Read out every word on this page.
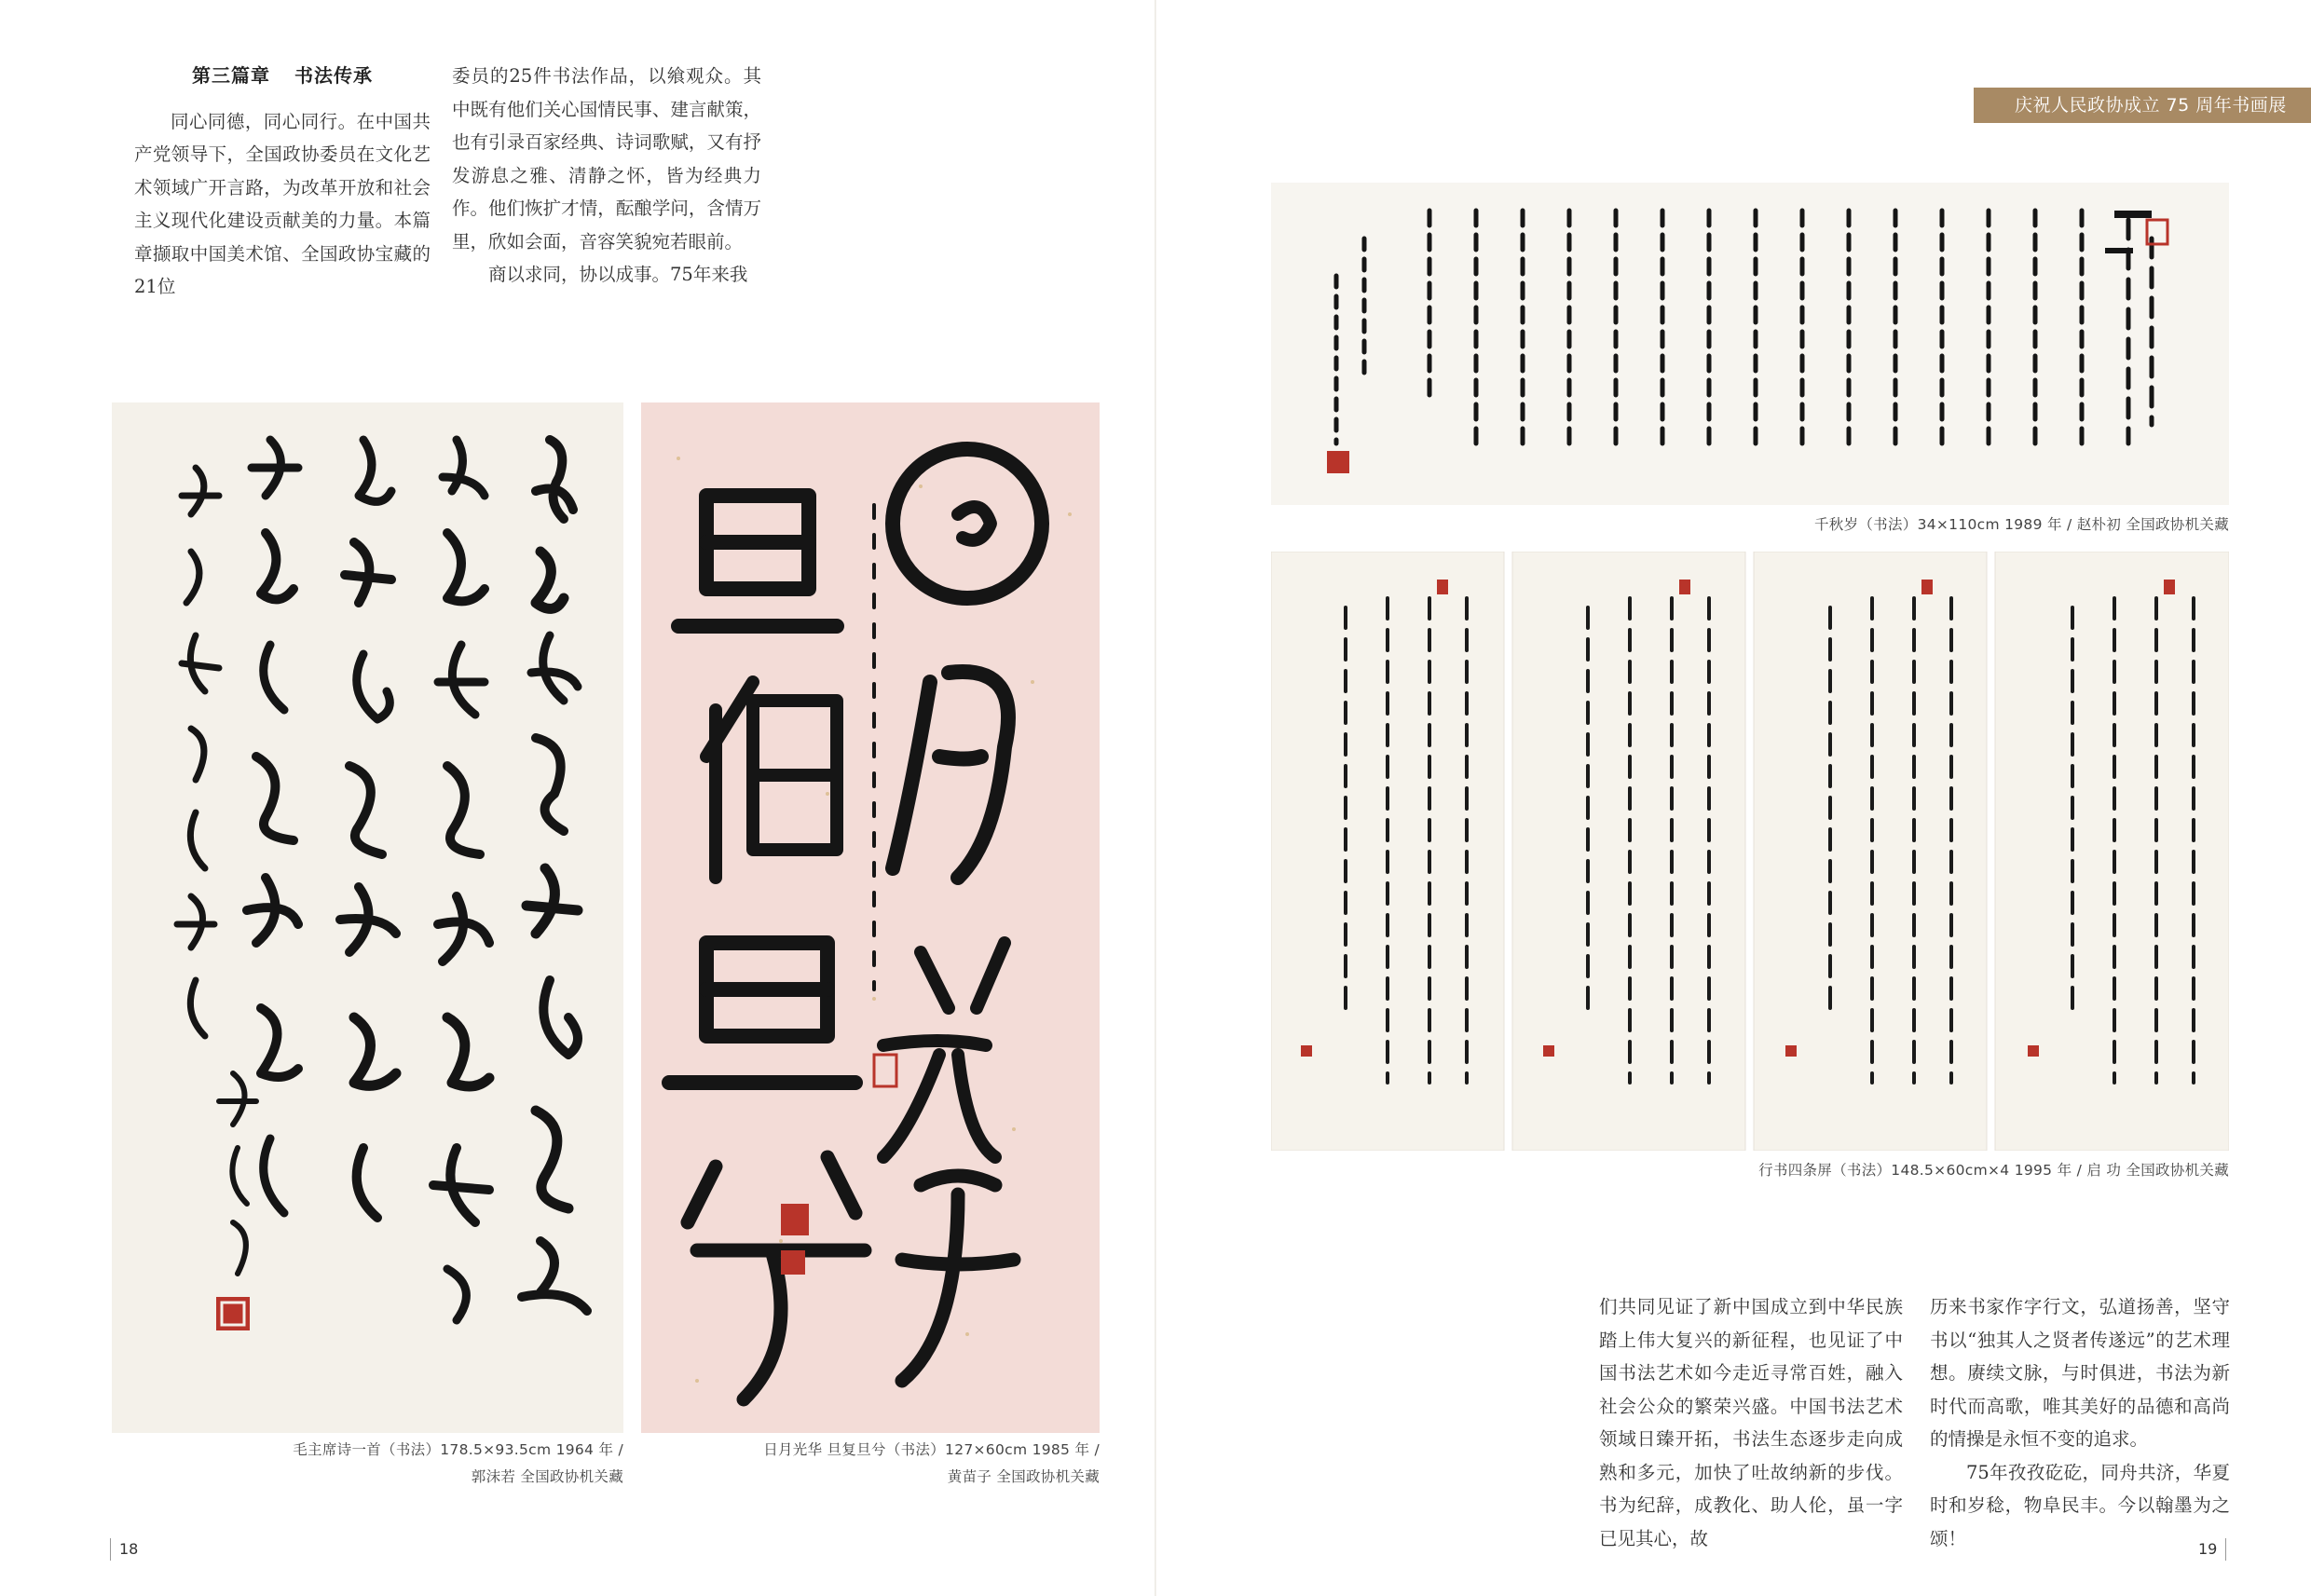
第三篇章 书法传承

同心同德，同心同行。在中国共产党领导下，全国政协委员在文化艺术领域广开言路，为改革开放和社会主义现代化建设贡献美的力量。本篇章撷取中国美术馆、全国政协宝藏的21位

委员的25件书法作品，以飨观众。其中既有他们关心国情民事、建言献策，也有引录百家经典、诗词歌赋，又有抒发游息之雅、清静之怀，皆为经典力作。他们恢扩才情，酝酿学问，含情万里，欣如会面，音容笑貌宛若眼前。

商以求同，协以成事。75年来我

毛主席诗一首（书法）178.5×93.5cm 1964 年 /
郭沫若 全国政协机关藏
日月光华 旦复旦兮（书法）127×60cm 1985 年 /
黄苗子 全国政协机关藏
庆祝人民政协成立 75 周年书画展
千秋岁（书法）34×110cm 1989 年 / 赵朴初 全国政协机关藏
行书四条屏（书法）148.5×60cm×4 1995 年 / 启 功 全国政协机关藏

们共同见证了新中国成立到中华民族踏上伟大复兴的新征程，也见证了中国书法艺术如今走近寻常百姓，融入社会公众的繁荣兴盛。中国书法艺术领域日臻开拓，书法生态逐步走向成熟和多元，加快了吐故纳新的步伐。书为纪辞，成教化、助人伦，虽一字已见其心，故

历来书家作字行文，弘道扬善，坚守书以“独其人之贤者传遂远”的艺术理想。赓续文脉，与时俱进，书法为新时代而高歌，唯其美好的品德和高尚的情操是永恒不变的追求。

75年孜孜矻矻，同舟共济，华夏时和岁稔，物阜民丰。今以翰墨为之颂！

18	19
